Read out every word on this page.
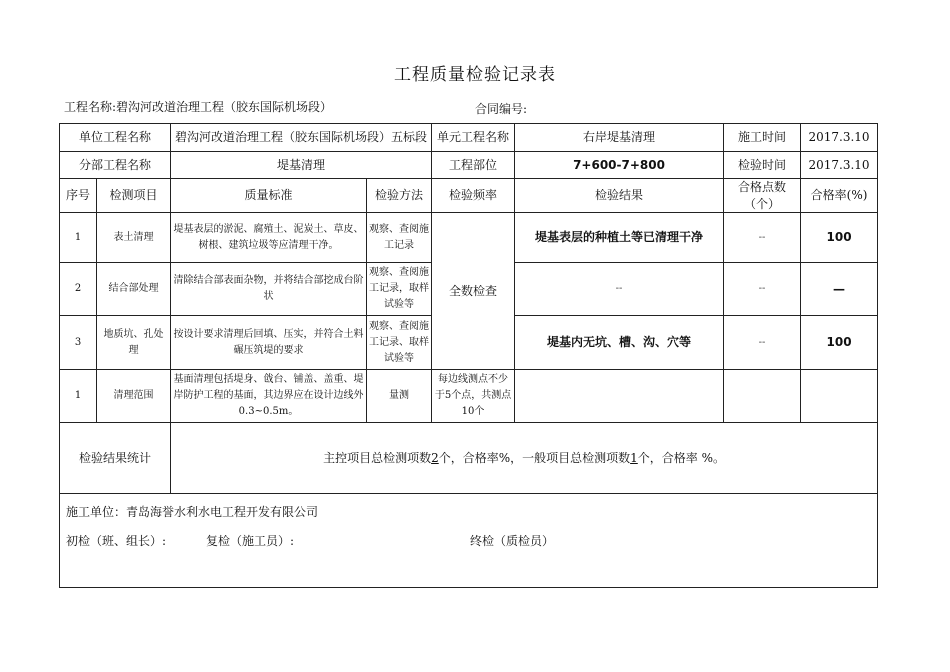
工程质量检验记录表
工程名称:碧沟河改道治理工程（胶东国际机场段）	合同编号:
单位工程名称		碧沟河改道治理工程（胶东国际机场段）五标段		单元工程名称	右岸堤基清理	施工时间	2017.3.10
分部工程名称		堤基清理		工程部位	7+600-7+800	检验时间	2017.3.10
序号	检测项目	质量标准	检验方法	检验频率	检验结果	合格点数（个）	合格率(%)
1	表土清理	堤基表层的淤泥、腐殖土、泥炭土、草皮、树根、建筑垃圾等应清理干净。	观察、查阅施工记录	全数检查	堤基表层的种植土等已清理干净	--	100
2	结合部处理	清除结合部表面杂物，并将结合部挖成台阶状	观察、查阅施工记录，取样试验等		--	--	—
3	地质坑、孔处理	按设计要求清理后回填、压实，并符合土料碾压筑堤的要求	观察、查阅施工记录、取样试验等		堤基内无坑、槽、沟、穴等	--	100
1	清理范围	基面清理包括堤身、戗台、铺盖、盖重、堤岸防护工程的基面，其边界应在设计边线外0.3~0.5m。	量测	每边线测点不少于5个点，共测点10个			
检验结果统计		主控项目总检测项数2个，合格率%，一般项目总检测项数1个，合格率 %。					

施工单位：青岛海誉水利水电工程开发有限公司
初检（班、组长）: 复检（施工员）: 终检（质检员）							
